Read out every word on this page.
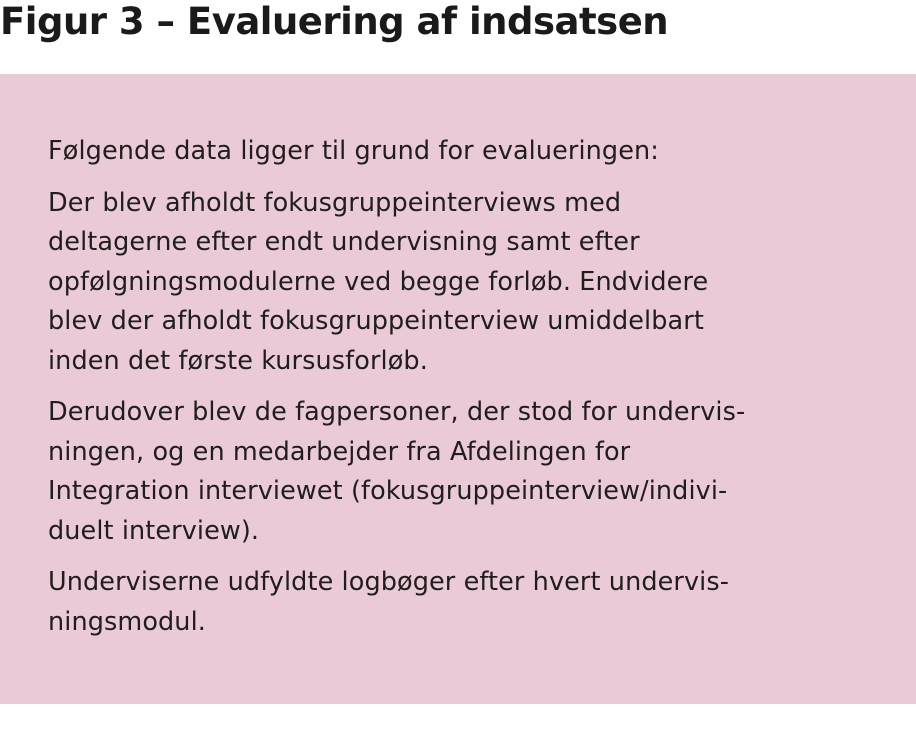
Figur 3 – Evaluering af indsatsen

Følgende data ligger til grund for evalueringen:

Der blev afholdt fokusgruppeinterviews med
deltagerne efter endt undervisning samt efter
opfølgningsmodulerne ved begge forløb. Endvidere
blev der afholdt fokusgruppeinterview umiddelbart
inden det første kursusforløb.

Derudover blev de fagpersoner, der stod for undervis-
ningen, og en medarbejder fra Afdelingen for
Integration interviewet (fokusgruppeinterview/indivi-
duelt interview).

Underviserne udfyldte logbøger efter hvert undervis-
ningsmodul.
